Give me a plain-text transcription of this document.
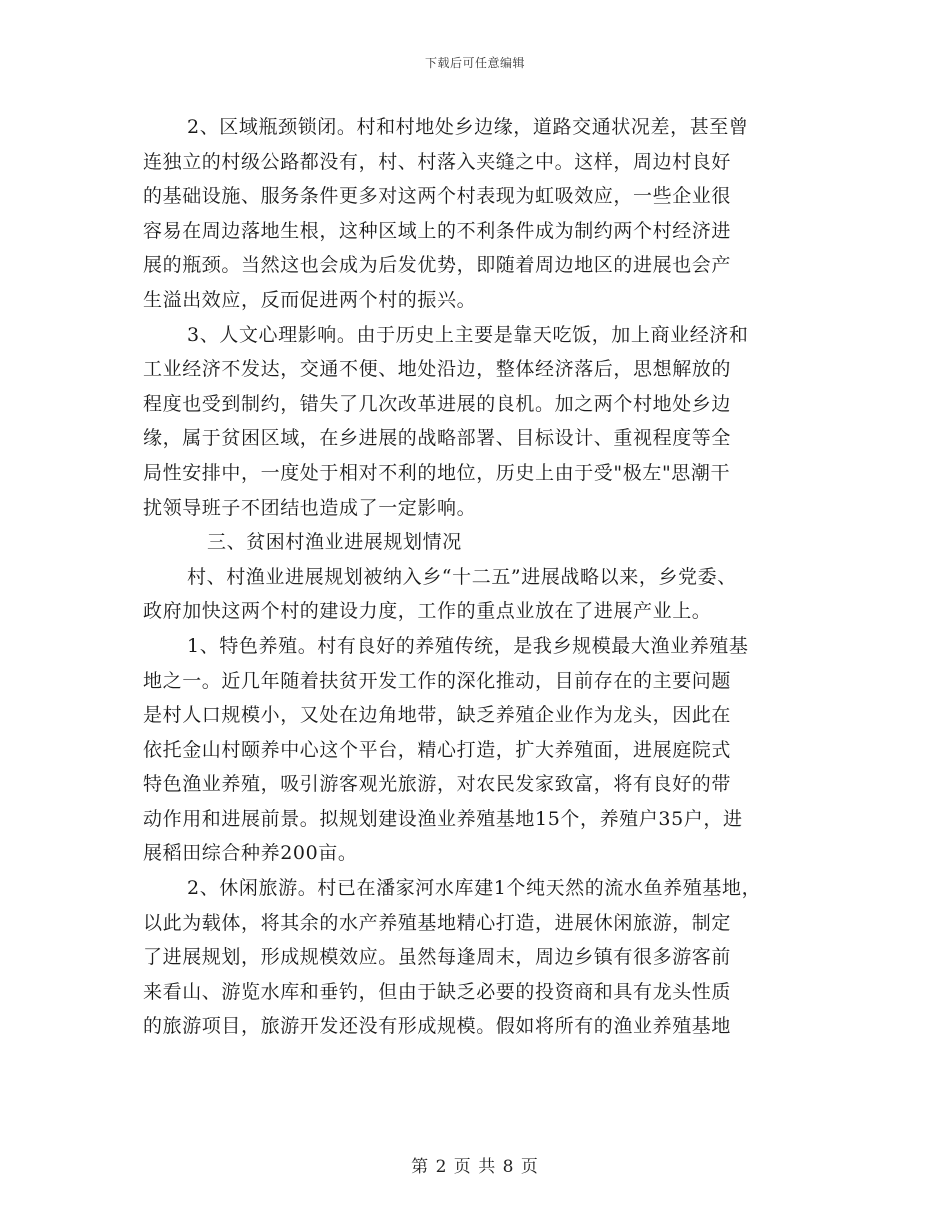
下载后可任意编辑
2、区域瓶颈锁闭。村和村地处乡边缘，道路交通状况差，甚至曾
连独立的村级公路都没有，村、村落入夹缝之中。这样，周边村良好
的基础设施、服务条件更多对这两个村表现为虹吸效应，一些企业很
容易在周边落地生根，这种区域上的不利条件成为制约两个村经济进
展的瓶颈。当然这也会成为后发优势，即随着周边地区的进展也会产
生溢出效应，反而促进两个村的振兴。
3、人文心理影响。由于历史上主要是靠天吃饭，加上商业经济和
工业经济不发达，交通不便、地处沿边，整体经济落后，思想解放的
程度也受到制约，错失了几次改革进展的良机。加之两个村地处乡边
缘，属于贫困区域，在乡进展的战略部署、目标设计、重视程度等全
局性安排中，一度处于相对不利的地位，历史上由于受"极左"思潮干
扰领导班子不团结也造成了一定影响。
三、贫困村渔业进展规划情况
村、村渔业进展规划被纳入乡“十二五”进展战略以来，乡党委、
政府加快这两个村的建设力度，工作的重点业放在了进展产业上。
1、特色养殖。村有良好的养殖传统，是我乡规模最大渔业养殖基
地之一。近几年随着扶贫开发工作的深化推动，目前存在的主要问题
是村人口规模小，又处在边角地带，缺乏养殖企业作为龙头，因此在
依托金山村颐养中心这个平台，精心打造，扩大养殖面，进展庭院式
特色渔业养殖，吸引游客观光旅游，对农民发家致富，将有良好的带
动作用和进展前景。拟规划建设渔业养殖基地15个，养殖户35户，进
展稻田综合种养200亩。
2、休闲旅游。村已在潘家河水库建1个纯天然的流水鱼养殖基地，
以此为载体，将其余的水产养殖基地精心打造，进展休闲旅游，制定
了进展规划，形成规模效应。虽然每逢周末，周边乡镇有很多游客前
来看山、游览水库和垂钓，但由于缺乏必要的投资商和具有龙头性质
的旅游项目，旅游开发还没有形成规模。假如将所有的渔业养殖基地
第 2 页 共 8 页
